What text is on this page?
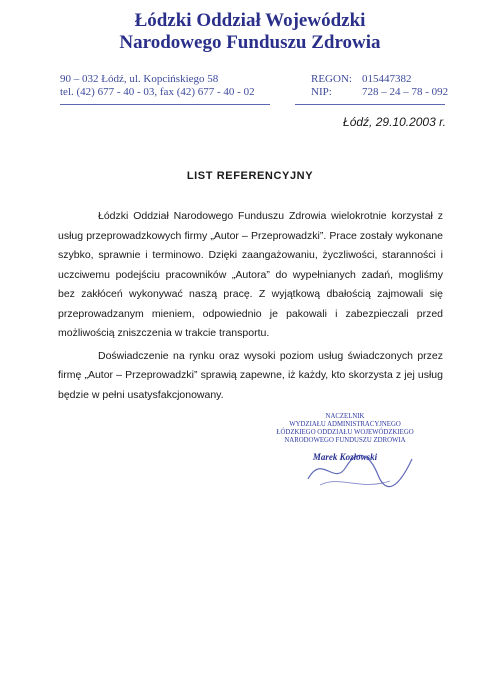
Łódzki Oddział Wojewódzki
Narodowego Funduszu Zdrowia
90 – 032 Łódź, ul. Kopcińskiego 58
tel. (42) 677 - 40 - 03, fax (42) 677 - 40 - 02
REGON: 015447382
NIP:	728 – 24 – 78 - 092
Łódź, 29.10.2003 r.
LIST REFERENCYJNY

Łódzki Oddział Narodowego Funduszu Zdrowia wielokrotnie korzystał z usług przeprowadzkowych firmy „Autor – Przeprowadzki”. Prace zostały wykonane szybko, sprawnie i terminowo. Dzięki zaangażowaniu, życzliwości, staranności i uczciwemu podejściu pracowników „Autora” do wypełnianych zadań, mogliśmy bez zakłóceń wykonywać naszą pracę. Z wyjątkową dbałością zajmowali się przeprowadzanym mieniem, odpowiednio je pakowali i zabezpieczali przed możliwością zniszczenia w trakcie transportu.

Doświadczenie na rynku oraz wysoki poziom usług świadczonych przez firmę „Autor – Przeprowadzki” sprawią zapewne, iż każdy, kto skorzysta z jej usług będzie w pełni usatysfakcjonowany.

NACZELNIK
WYDZIAŁU ADMINISTRACYJNEGO
ŁÓDZKIEGO ODDZIAŁU WOJEWÓDZKIEGO
NARODOWEGO FUNDUSZU ZDROWIA
Marek Kozłowski
